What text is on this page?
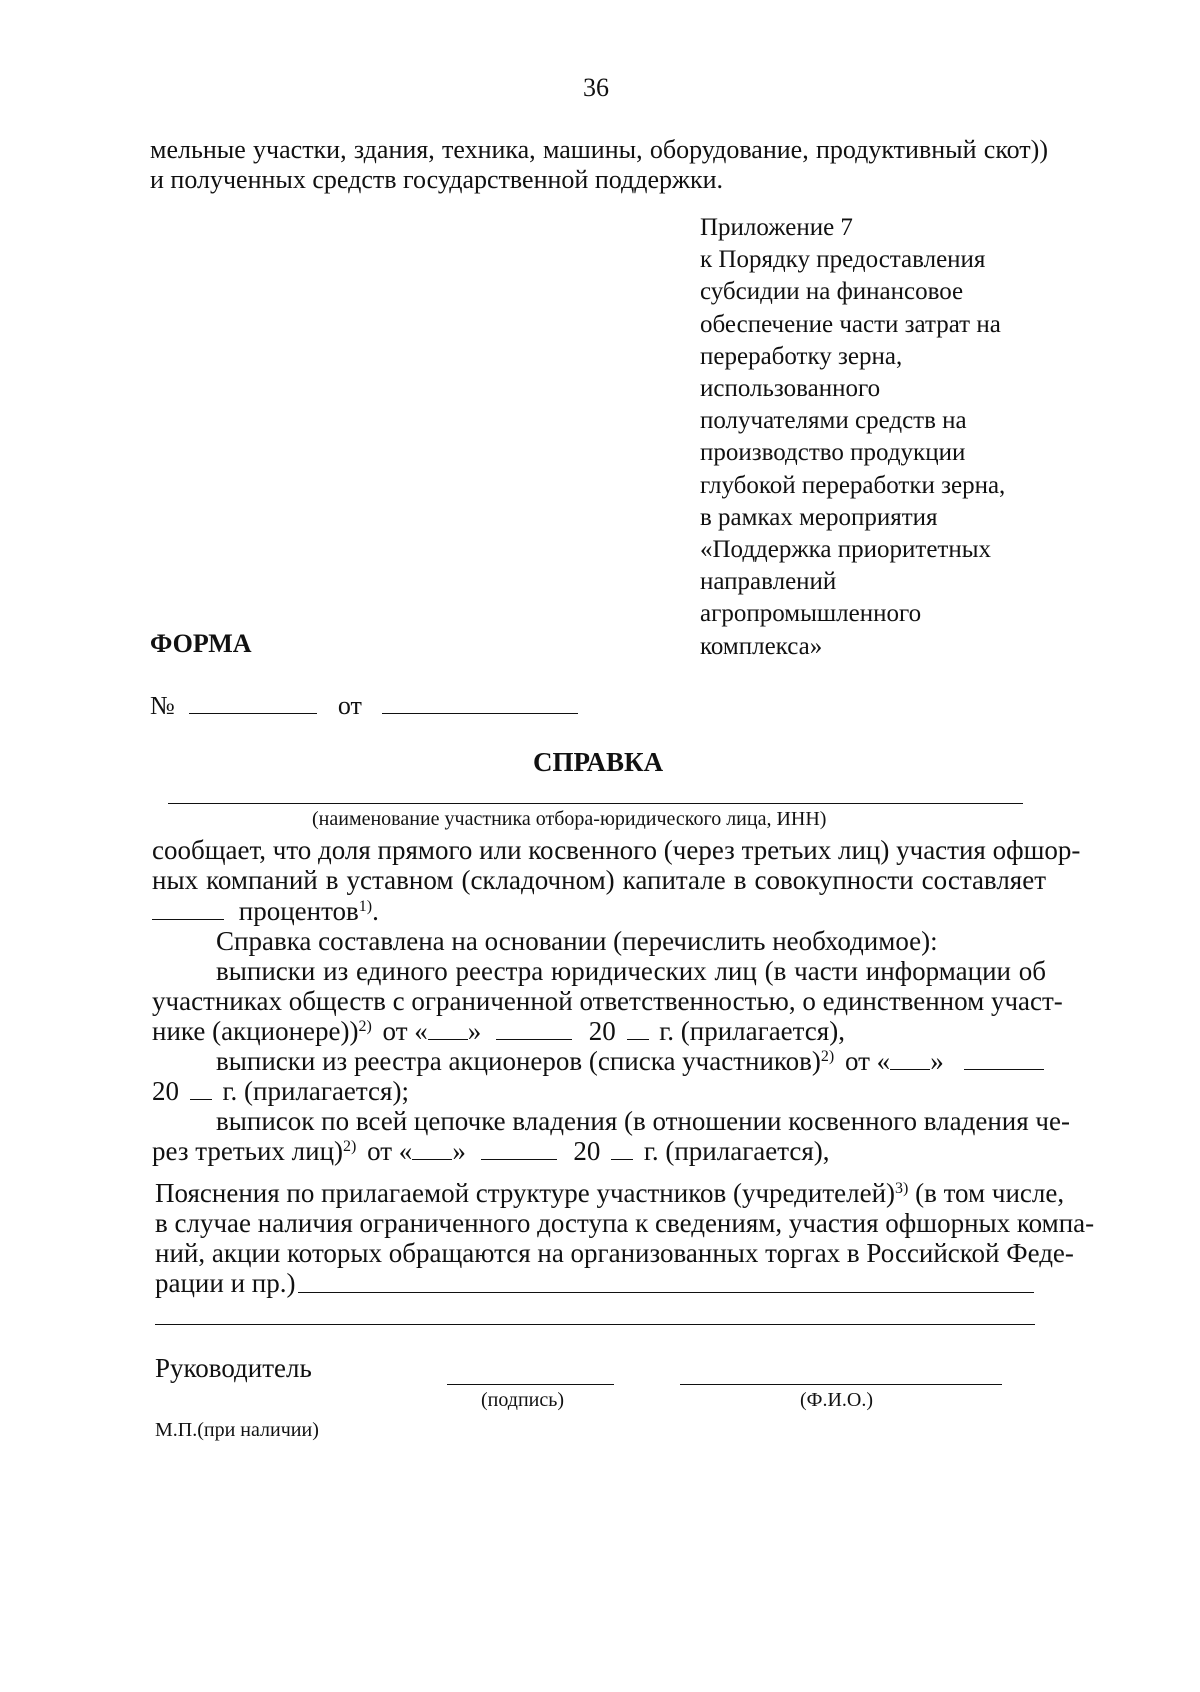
36
мельные участки, здания, техника, машины, оборудование, продуктивный скот))
и полученных средств государственной поддержки.
Приложение 7
к Порядку предоставления
субсидии на финансовое
обеспечение части затрат на
переработку зерна,
использованного
получателями средств на
производство продукции
глубокой переработки зерна,
в рамках мероприятия
«Поддержка приоритетных
направлений
агропромышленного
комплекса»
ФОРМА
№	от
СПРАВКА
(наименование участника отбора-юридического лица, ИНН)
сообщает, что доля прямого или косвенного (через третьих лиц) участия офшор-
ных компаний в уставном (складочном) капитале в совокупности составляет
процентов$^{1)}$.
Справка составлена на основании (перечислить необходимое):
выписки из единого реестра юридических лиц (в части информации об
участниках обществ с ограниченной ответственностью, о единственном участ-
нике (акционере))$^{2)}$ от « »	20 г. (прилагается),
выписки из реестра акционеров (списка участников)$^{2)}$ от « »
20 г. (прилагается);
выписок по всей цепочке владения (в отношении косвенного владения че-
рез третьих лиц)$^{2)}$ от « »	20 г. (прилагается),
Пояснения по прилагаемой структуре участников (учредителей)$^{3)}$ (в том числе,
в случае наличия ограниченного доступа к сведениям, участия офшорных компа-
ний, акции которых обращаются на организованных торгах в Российской Феде-
рации и пр.)
Руководитель
(подпись)	(Ф.И.О.)
М.П.(при наличии)
